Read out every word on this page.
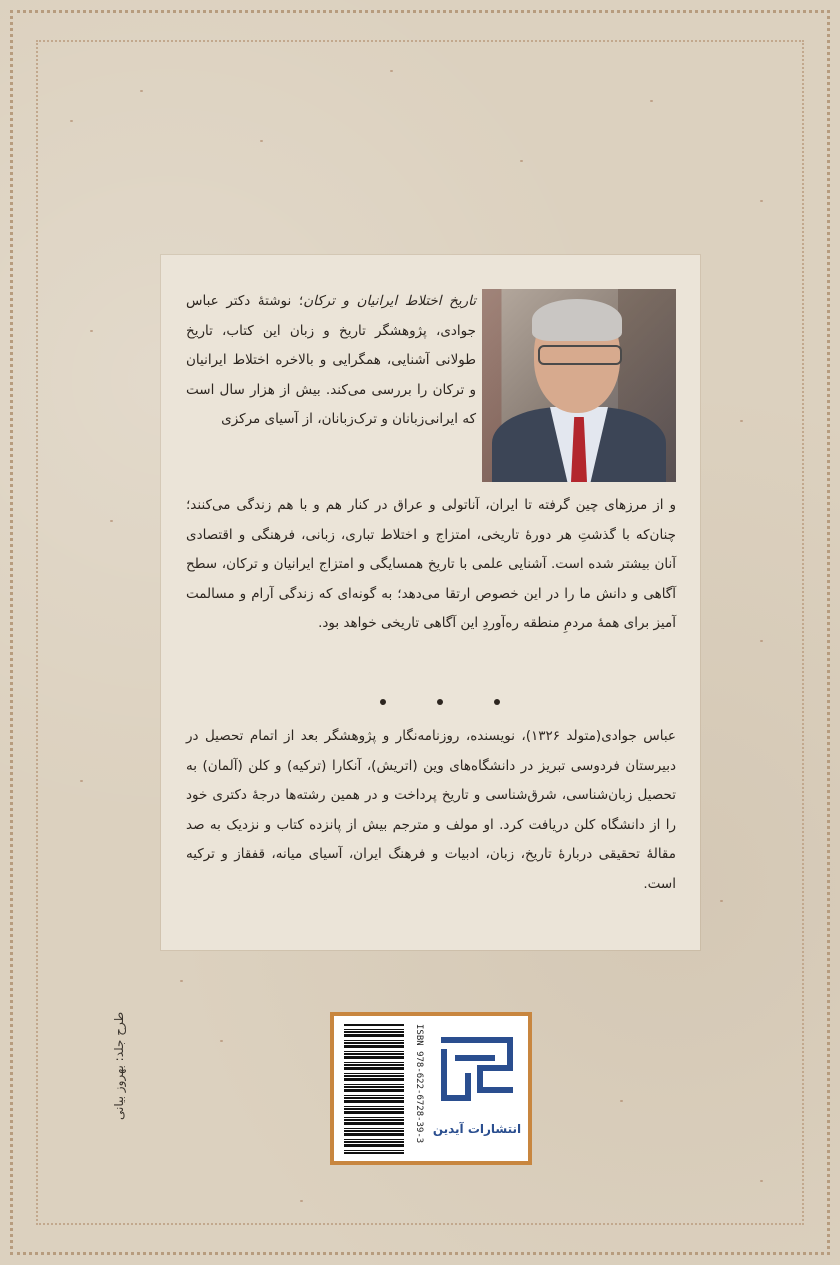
تاریخ اختلاط ایرانیان و ترکان؛ نوشتهٔ دکتر عباس جوادی، پژوهشگر تاریخ و زبان این کتاب، تاریخ طولانی آشنایی، همگرایی و بالاخره اختلاط ایرانیان و ترکان را بررسی می‌کند. بیش از هزار سال است که ایرانی‌زبانان و ترک‌زبانان، از آسیای مرکزی
و از مرزهای چین گرفته تا ایران، آناتولی و عراق در کنار هم و با هم زندگی می‌کنند؛ چنان‌که با گذشتِ هر دورهٔ تاریخی، امتزاج و اختلاط تباری، زبانی، فرهنگی و اقتصادی آنان بیشتر شده است. آشنایی علمی با تاریخ همسایگی و امتزاج ایرانیان و ترکان، سطح آگاهی و دانش ما را در این خصوص ارتقا می‌دهد؛ به گونه‌ای که زندگی آرام و مسالمت آمیز برای همهٔ مردمِ منطقه ره‌آوردِ این آگاهی تاریخی خواهد بود.
عباس جوادی(متولد ۱۳۲۶)، نویسنده، روزنامه‌نگار و پژوهشگر بعد از اتمام تحصیل در دبیرستان فردوسی تبریز در دانشگاه‌های وین (اتریش)، آنکارا (ترکیه) و کلن (آلمان) به تحصیل زبان‌شناسی، شرق‌شناسی و تاریخ پرداخت و در همین رشته‌ها درجهٔ دکتری خود را از دانشگاه کلن دریافت کرد. او مولف و مترجم بیش از پانزده کتاب و نزدیک به صد مقالهٔ تحقیقی دربارهٔ تاریخ، زبان، ادبیات و فرهنگ ایران، آسیای میانه، قفقاز و ترکیه است.
ISBN 978-622-6728-39-3 انتشارات آیدین
طرح جلد: بهروز بیانی
